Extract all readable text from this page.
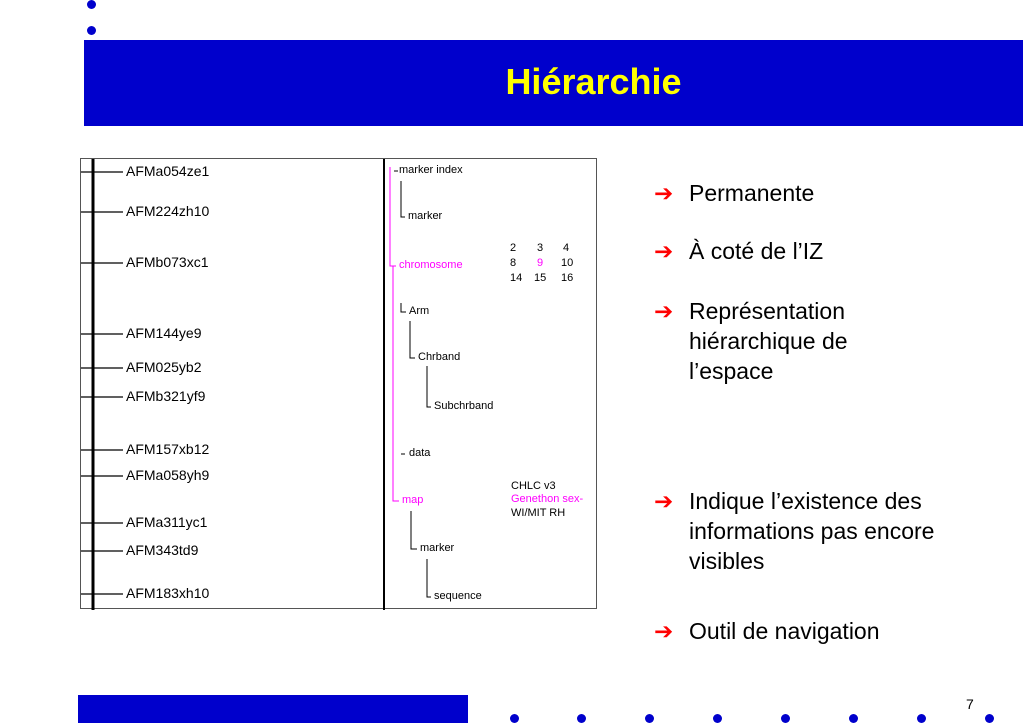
Hiérarchie
AFMa054ze1
AFM224zh10
AFMb073xc1
AFM144ye9
AFM025yb2
AFMb321yf9
AFM157xb12
AFMa058yh9
AFMa311yc1
AFM343td9
AFM183xh10
marker index
marker
chromosome
Arm
Chrband
Subchrband
data
map
marker
sequence
2 3 4
8 9 10
14 15 16
CHLC v3
Genethon sex-
WI/MIT RH
➔ Permanente
➔ À coté de l’IZ
➔ Représentation hiérarchique de l’espace
➔ Indique l’existence des informations pas encore visibles
➔ Outil de navigation
7
